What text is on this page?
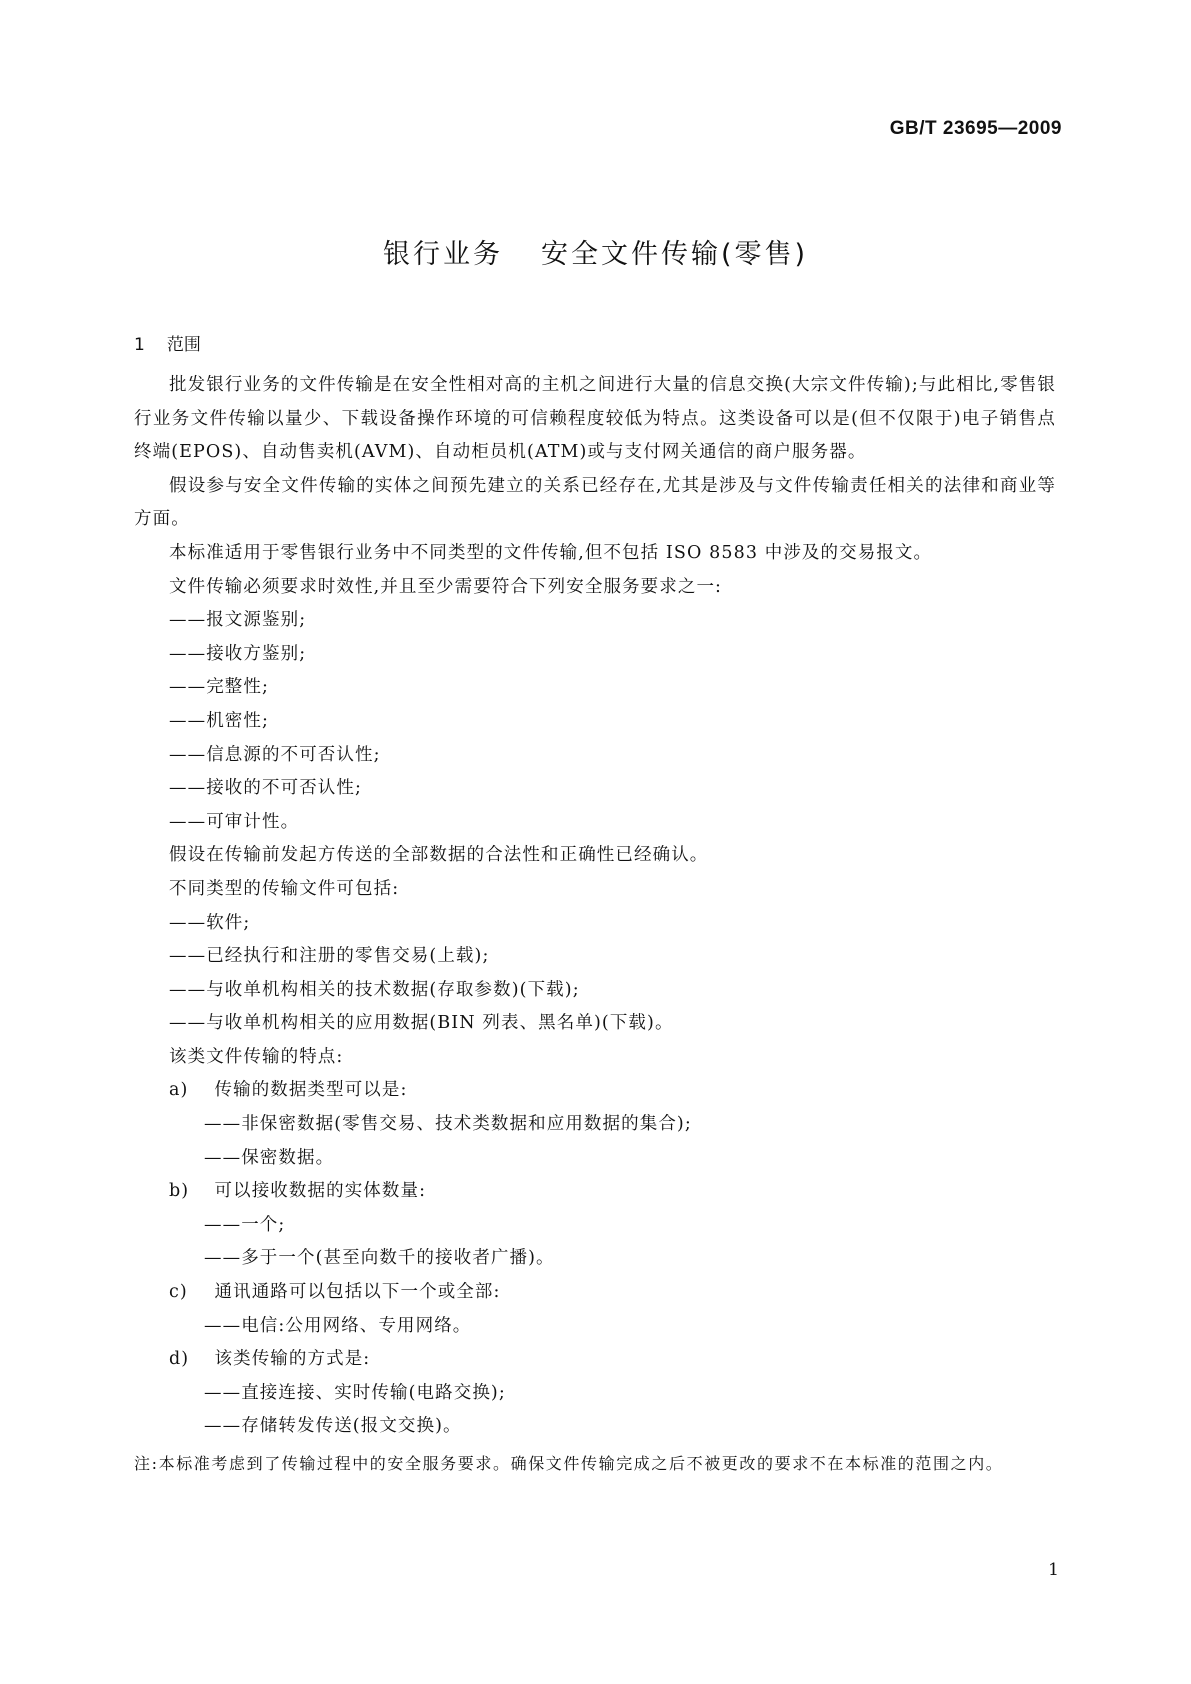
GB/T 23695—2009
银行业务 安全文件传输(零售)
1 范围

批发银行业务的文件传输是在安全性相对高的主机之间进行大量的信息交换(大宗文件传输);与此相比,零售银行业务文件传输以量少、下载设备操作环境的可信赖程度较低为特点。这类设备可以是(但不仅限于)电子销售点终端(EPOS)、自动售卖机(AVM)、自动柜员机(ATM)或与支付网关通信的商户服务器。

假设参与安全文件传输的实体之间预先建立的关系已经存在,尤其是涉及与文件传输责任相关的法律和商业等方面。

本标准适用于零售银行业务中不同类型的文件传输,但不包括 ISO 8583 中涉及的交易报文。

文件传输必须要求时效性,并且至少需要符合下列安全服务要求之一:

——报文源鉴别;

——接收方鉴别;

——完整性;

——机密性;

——信息源的不可否认性;

——接收的不可否认性;

——可审计性。

假设在传输前发起方传送的全部数据的合法性和正确性已经确认。

不同类型的传输文件可包括:

——软件;

——已经执行和注册的零售交易(上载);

——与收单机构相关的技术数据(存取参数)(下载);

——与收单机构相关的应用数据(BIN 列表、黑名单)(下载)。

该类文件传输的特点:

a) 传输的数据类型可以是:

——非保密数据(零售交易、技术类数据和应用数据的集合);

——保密数据。

b) 可以接收数据的实体数量:

——一个;

——多于一个(甚至向数千的接收者广播)。

c) 通讯通路可以包括以下一个或全部:

——电信:公用网络、专用网络。

d) 该类传输的方式是:

——直接连接、实时传输(电路交换);

——存储转发传送(报文交换)。

注:本标准考虑到了传输过程中的安全服务要求。确保文件传输完成之后不被更改的要求不在本标准的范围之内。

1
